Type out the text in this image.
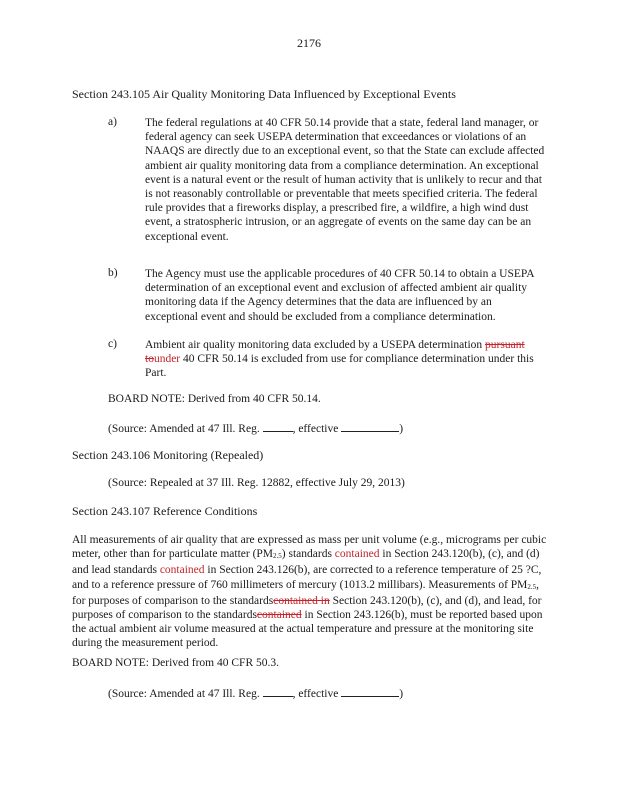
2176
Section 243.105 Air Quality Monitoring Data Influenced by Exceptional Events
a) The federal regulations at 40 CFR 50.14 provide that a state, federal land manager, or federal agency can seek USEPA determination that exceedances or violations of an NAAQS are directly due to an exceptional event, so that the State can exclude affected ambient air quality monitoring data from a compliance determination. An exceptional event is a natural event or the result of human activity that is unlikely to recur and that is not reasonably controllable or preventable that meets specified criteria. The federal rule provides that a fireworks display, a prescribed fire, a wildfire, a high wind dust event, a stratospheric intrusion, or an aggregate of events on the same day can be an exceptional event.
b) The Agency must use the applicable procedures of 40 CFR 50.14 to obtain a USEPA determination of an exceptional event and exclusion of affected ambient air quality monitoring data if the Agency determines that the data are influenced by an exceptional event and should be excluded from a compliance determination.
c) Ambient air quality monitoring data excluded by a USEPA determination pursuant tounder 40 CFR 50.14 is excluded from use for compliance determination under this Part.
BOARD NOTE: Derived from 40 CFR 50.14.
(Source: Amended at 47 Ill. Reg.	, effective	)
Section 243.106 Monitoring (Repealed)
(Source: Repealed at 37 Ill. Reg. 12882, effective July 29, 2013)
Section 243.107 Reference Conditions
All measurements of air quality that are expressed as mass per unit volume (e.g., micrograms per cubic meter, other than for particulate matter (PM2.5) standards contained in Section 243.120(b), (c), and (d) and lead standards contained in Section 243.126(b), are corrected to a reference temperature of 25 ?C, and to a reference pressure of 760 millimeters of mercury (1013.2 millibars). Measurements of PM2.5, for purposes of comparison to the standardscontained in Section 243.120(b), (c), and (d), and lead, for purposes of comparison to the standardscontained in Section 243.126(b), must be reported based upon the actual ambient air volume measured at the actual temperature and pressure at the monitoring site during the measurement period.
BOARD NOTE: Derived from 40 CFR 50.3.
(Source: Amended at 47 Ill. Reg.	, effective	)
